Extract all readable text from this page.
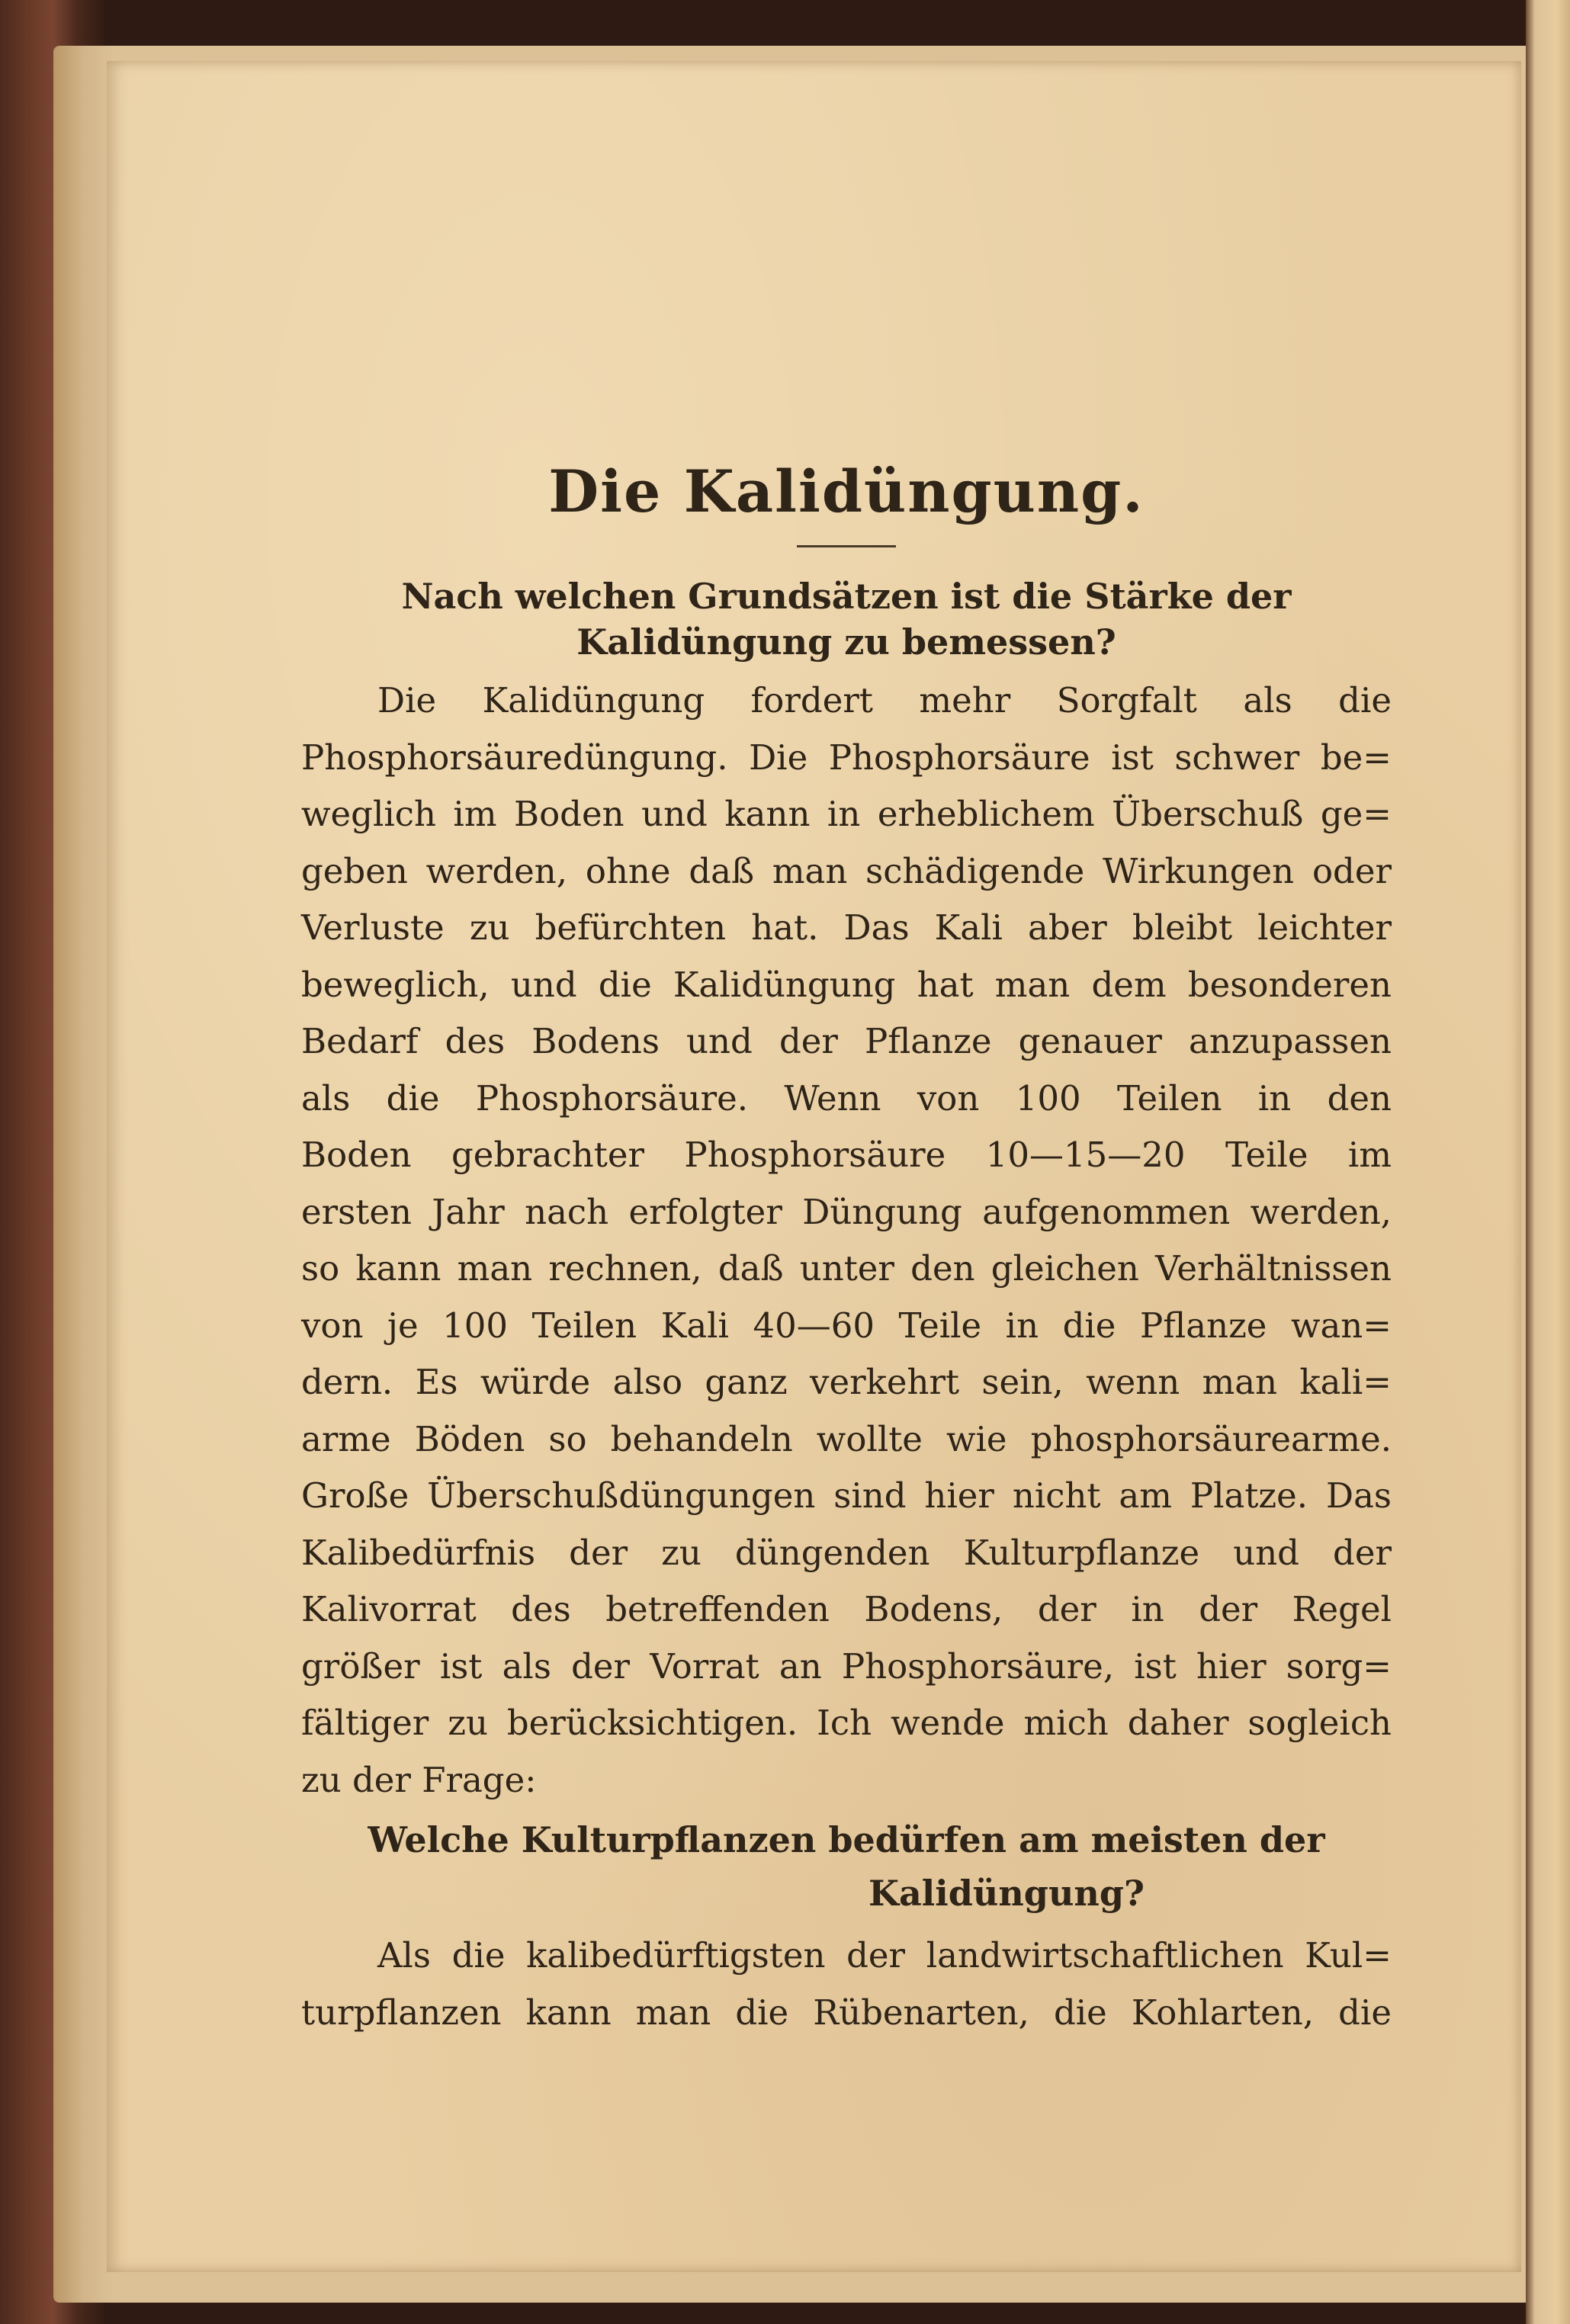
Die Kalidüngung.
Nach welchen Grundsätzen ist die Stärke der
Kalidüngung zu bemessen?

Die Kalidüngung fordert mehr Sorgfalt als die
Phosphorsäuredüngung. Die Phosphorsäure ist schwer be=
weglich im Boden und kann in erheblichem Überschuß ge=
geben werden, ohne daß man schädigende Wirkungen oder
Verluste zu befürchten hat. Das Kali aber bleibt leichter
beweglich, und die Kalidüngung hat man dem besonderen
Bedarf des Bodens und der Pflanze genauer anzupassen
als die Phosphorsäure. Wenn von 100 Teilen in den
Boden gebrachter Phosphorsäure 10—15—20 Teile im
ersten Jahr nach erfolgter Düngung aufgenommen werden,
so kann man rechnen, daß unter den gleichen Verhältnissen
von je 100 Teilen Kali 40—60 Teile in die Pflanze wan=
dern. Es würde also ganz verkehrt sein, wenn man kali=
arme Böden so behandeln wollte wie phosphorsäurearme.
Große Überschußdüngungen sind hier nicht am Platze. Das
Kalibedürfnis der zu düngenden Kulturpflanze und der
Kalivorrat des betreffenden Bodens, der in der Regel
größer ist als der Vorrat an Phosphorsäure, ist hier sorg=
fältiger zu berücksichtigen. Ich wende mich daher sogleich
zu der Frage:

Welche Kulturpflanzen bedürfen am meisten der
Kalidüngung?

Als die kalibedürftigsten der landwirtschaftlichen Kul=
turpflanzen kann man die Rübenarten, die Kohlarten, die
